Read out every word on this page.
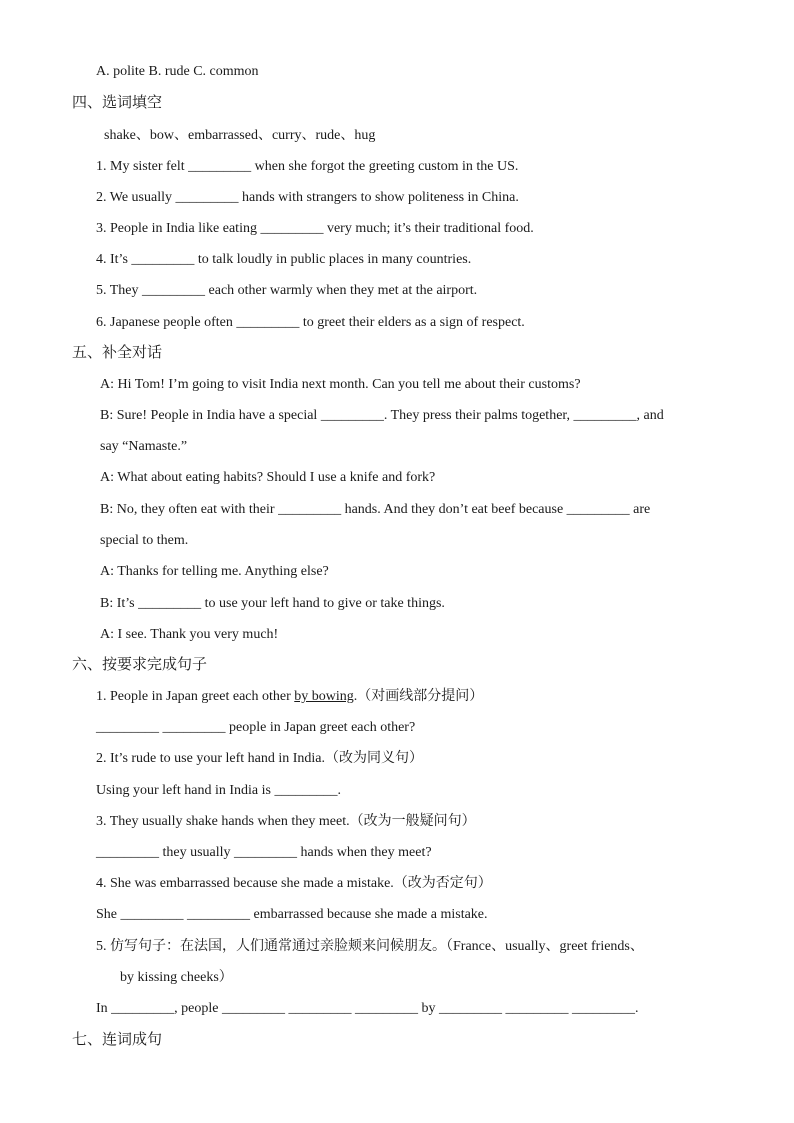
A. polite B. rude C. common
四、选词填空
shake、bow、embarrassed、curry、rude、hug
1. My sister felt _________ when she forgot the greeting custom in the US.
2. We usually _________ hands with strangers to show politeness in China.
3. People in India like eating _________ very much; it’s their traditional food.
4. It’s _________ to talk loudly in public places in many countries.
5. They _________ each other warmly when they met at the airport.
6. Japanese people often _________ to greet their elders as a sign of respect.
五、补全对话
A: Hi Tom! I’m going to visit India next month. Can you tell me about their customs?
B: Sure! People in India have a special _________. They press their palms together, _________, and
say “Namaste.”
A: What about eating habits? Should I use a knife and fork?
B: No, they often eat with their _________ hands. And they don’t eat beef because _________ are
special to them.
A: Thanks for telling me. Anything else?
B: It’s _________ to use your left hand to give or take things.
A: I see. Thank you very much!
六、按要求完成句子
1. People in Japan greet each other by bowing.（对画线部分提问）
_________ _________ people in Japan greet each other?
2. It’s rude to use your left hand in India.（改为同义句）
Using your left hand in India is _________.
3. They usually shake hands when they meet.（改为一般疑问句）
_________ they usually _________ hands when they meet?
4. She was embarrassed because she made a mistake.（改为否定句）
She _________ _________ embarrassed because she made a mistake.
5. 仿写句子：在法国，人们通常通过亲脸颊来问候朋友。（France、usually、greet friends、
by kissing cheeks）
In _________, people _________ _________ _________ by _________ _________ _________.
七、连词成句
